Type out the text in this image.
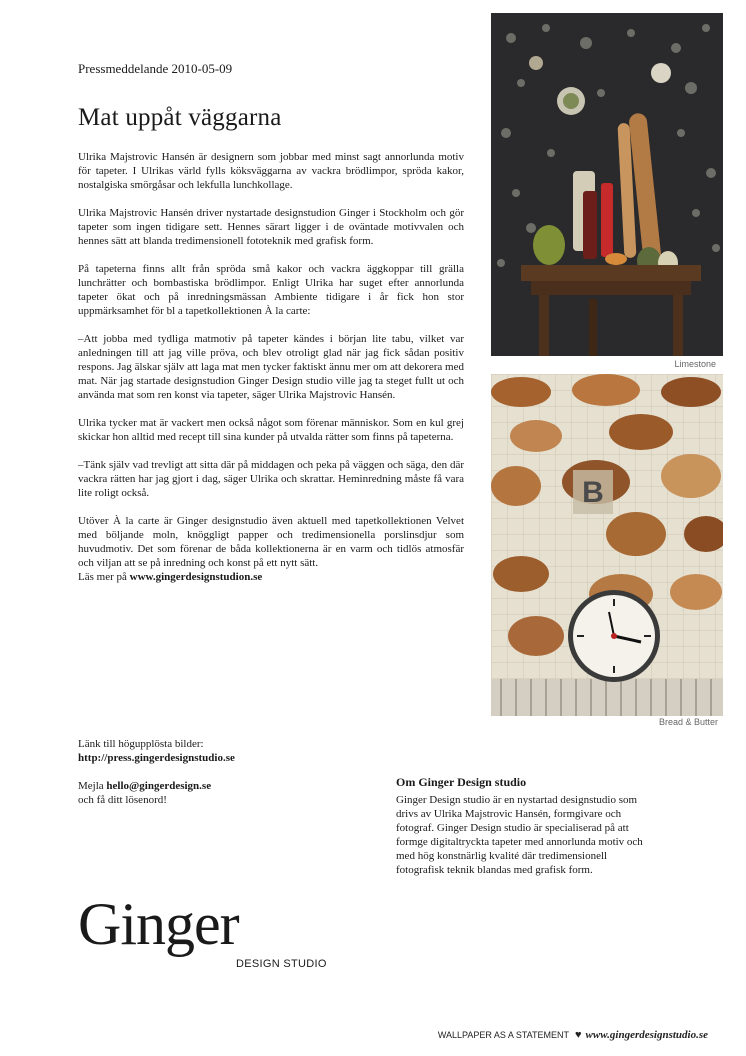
Pressmeddelande 2010-05-09
Mat uppåt väggarna

Ulrika Majstrovic Hansén är designern som jobbar med minst sagt annorlunda motiv för tapeter. I Ulrikas värld fylls köksväggarna av vackra brödlimpor, spröda kakor, nostalgiska smörgåsar och lekfulla lunchkollage.

Ulrika Majstrovic Hansén driver nystartade designstudion Ginger i Stockholm och gör tapeter som ingen tidigare sett. Hennes särart ligger i de oväntade motivvalen och hennes sätt att blanda tredimensionell fototeknik med grafisk form.

På tapeterna finns allt från spröda små kakor och vackra äggkoppar till grälla lunchrätter och bombastiska brödlimpor. Enligt Ulrika har suget efter annorlunda tapeter ökat och på inredningsmässan Ambiente tidigare i år fick hon stor uppmärksamhet för bl a tapetkollektionen À la carte:

–Att jobba med tydliga matmotiv på tapeter kändes i början lite tabu, vilket var anledningen till att jag ville pröva, och blev otroligt glad när jag fick sådan positiv respons. Jag älskar själv att laga mat men tycker faktiskt ännu mer om att dekorera med mat. När jag startade designstudion Ginger Design studio ville jag ta steget fullt ut och använda mat som ren konst via tapeter, säger Ulrika Majstrovic Hansén.

Ulrika tycker mat är vackert men också något som förenar människor. Som en kul grej skickar hon alltid med recept till sina kunder på utvalda rätter som finns på tapeterna.

–Tänk själv vad trevligt att sitta där på middagen och peka på väggen och säga, den där vackra rätten har jag gjort i dag, säger Ulrika och skrattar. Heminredning måste få vara lite roligt också.

Utöver À la carte är Ginger designstudio även aktuell med tapetkollektionen Velvet med böljande moln, knöggligt papper och tredimensionella porslinsdjur som huvudmotiv. Det som förenar de båda kollektionerna är en varm och tidlös atmosfär och viljan att se på inredning och konst på ett nytt sätt.

Läs mer på www.gingerdesignstudion.se

Länk till högupplösta bilder:
http://press.gingerdesignstudio.se

Mejla hello@gingerdesign.se
och få ditt lösenord!

Om Ginger Design studio

Ginger Design studio är en nystartad designstudio som drivs av Ulrika Majstrovic Hansén, formgivare och fotograf. Ginger Design studio är specialiserad på att formge digitaltryckta tapeter med annorlunda motiv och med hög konstnärlig kvalité där tredimensionell fotografisk teknik blandas med grafisk form.

Ginger
DESIGN STUDIO
Limestone
B
Bread & Butter
WALLPAPER AS A STATEMENT ♥ www.gingerdesignstudio.se
